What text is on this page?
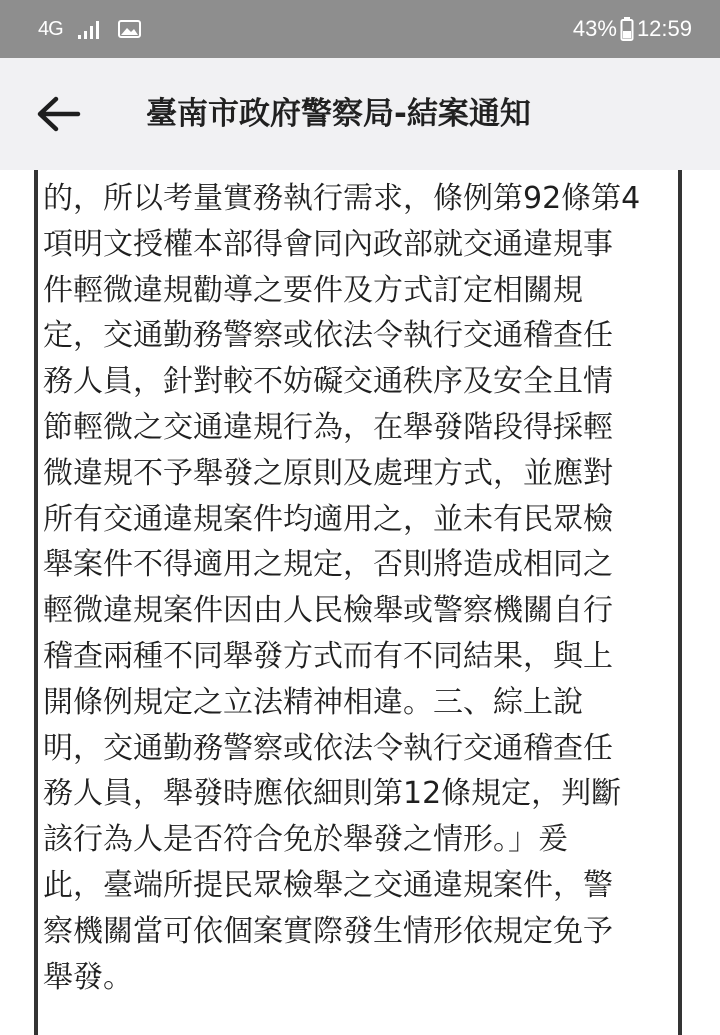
4G	43% 12:59
臺南市政府警察局-結案通知
的，所以考量實務執行需求，條例第92條第4
項明文授權本部得會同內政部就交通違規事
件輕微違規勸導之要件及方式訂定相關規
定，交通勤務警察或依法令執行交通稽查任
務人員，針對較不妨礙交通秩序及安全且情
節輕微之交通違規行為，在舉發階段得採輕
微違規不予舉發之原則及處理方式，並應對
所有交通違規案件均適用之，並未有民眾檢
舉案件不得適用之規定，否則將造成相同之
輕微違規案件因由人民檢舉或警察機關自行
稽查兩種不同舉發方式而有不同結果，與上
開條例規定之立法精神相違。三、綜上說
明，交通勤務警察或依法令執行交通稽查任
務人員，舉發時應依細則第12條規定，判斷
該行為人是否符合免於舉發之情形。」爰
此，臺端所提民眾檢舉之交通違規案件，警
察機關當可依個案實際發生情形依規定免予
舉發。
